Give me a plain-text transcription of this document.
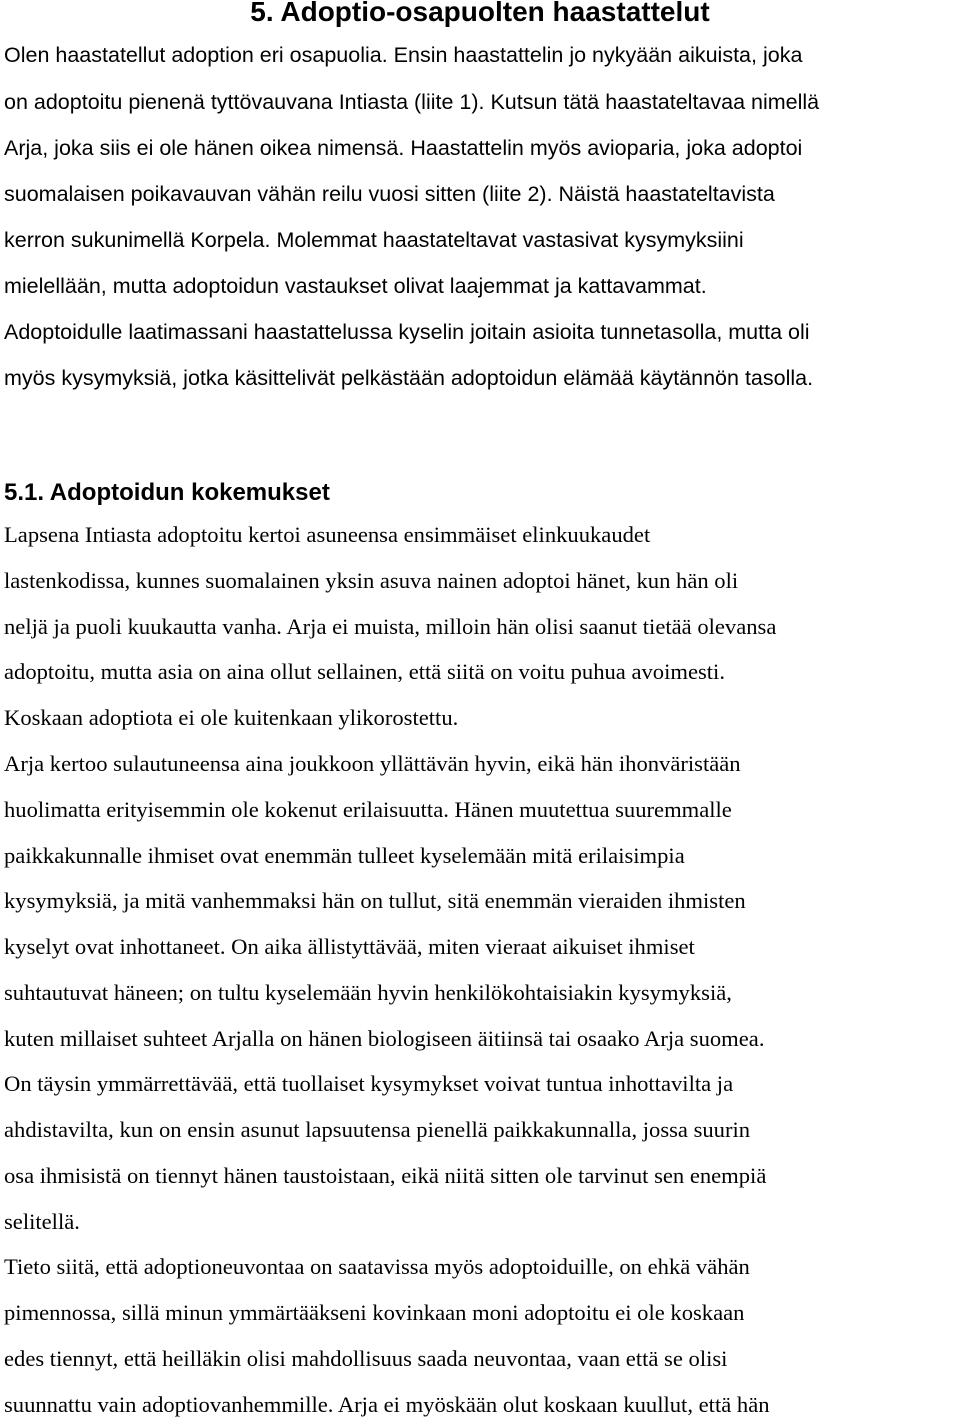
5. Adoptio-osapuolten haastattelut

Olen haastatellut adoption eri osapuolia. Ensin haastattelin jo nykyään aikuista, joka

on adoptoitu pienenä tyttövauvana Intiasta (liite 1). Kutsun tätä haastateltavaa nimellä

Arja, joka siis ei ole hänen oikea nimensä. Haastattelin myös avioparia, joka adoptoi

suomalaisen poikavauvan vähän reilu vuosi sitten (liite 2). Näistä haastateltavista

kerron sukunimellä Korpela. Molemmat haastateltavat vastasivat kysymyksiini

mielellään, mutta adoptoidun vastaukset olivat laajemmat ja kattavammat.

Adoptoidulle laatimassani haastattelussa kyselin joitain asioita tunnetasolla, mutta oli

myös kysymyksiä, jotka käsittelivät pelkästään adoptoidun elämää käytännön tasolla.

5.1. Adoptoidun kokemukset

Lapsena Intiasta adoptoitu kertoi asuneensa ensimmäiset elinkuukaudet

lastenkodissa, kunnes suomalainen yksin asuva nainen adoptoi hänet, kun hän oli

neljä ja puoli kuukautta vanha. Arja ei muista, milloin hän olisi saanut tietää olevansa

adoptoitu, mutta asia on aina ollut sellainen, että siitä on voitu puhua avoimesti.

Koskaan adoptiota ei ole kuitenkaan ylikorostettu.

Arja kertoo sulautuneensa aina joukkoon yllättävän hyvin, eikä hän ihonväristään

huolimatta erityisemmin ole kokenut erilaisuutta. Hänen muutettua suuremmalle

paikkakunnalle ihmiset ovat enemmän tulleet kyselemään mitä erilaisimpia

kysymyksiä, ja mitä vanhemmaksi hän on tullut, sitä enemmän vieraiden ihmisten

kyselyt ovat inhottaneet. On aika ällistyttävää, miten vieraat aikuiset ihmiset

suhtautuvat häneen; on tultu kyselemään hyvin henkilökohtaisiakin kysymyksiä,

kuten millaiset suhteet Arjalla on hänen biologiseen äitiinsä tai osaako Arja suomea.

On täysin ymmärrettävää, että tuollaiset kysymykset voivat tuntua inhottavilta ja

ahdistavilta, kun on ensin asunut lapsuutensa pienellä paikkakunnalla, jossa suurin

osa ihmisistä on tiennyt hänen taustoistaan, eikä niitä sitten ole tarvinut sen enempiä

selitellä.

Tieto siitä, että adoptioneuvontaa on saatavissa myös adoptoiduille, on ehkä vähän

pimennossa, sillä minun ymmärtääkseni kovinkaan moni adoptoitu ei ole koskaan

edes tiennyt, että heilläkin olisi mahdollisuus saada neuvontaa, vaan että se olisi

suunnattu vain adoptiovanhemmille. Arja ei myöskään olut koskaan kuullut, että hän
